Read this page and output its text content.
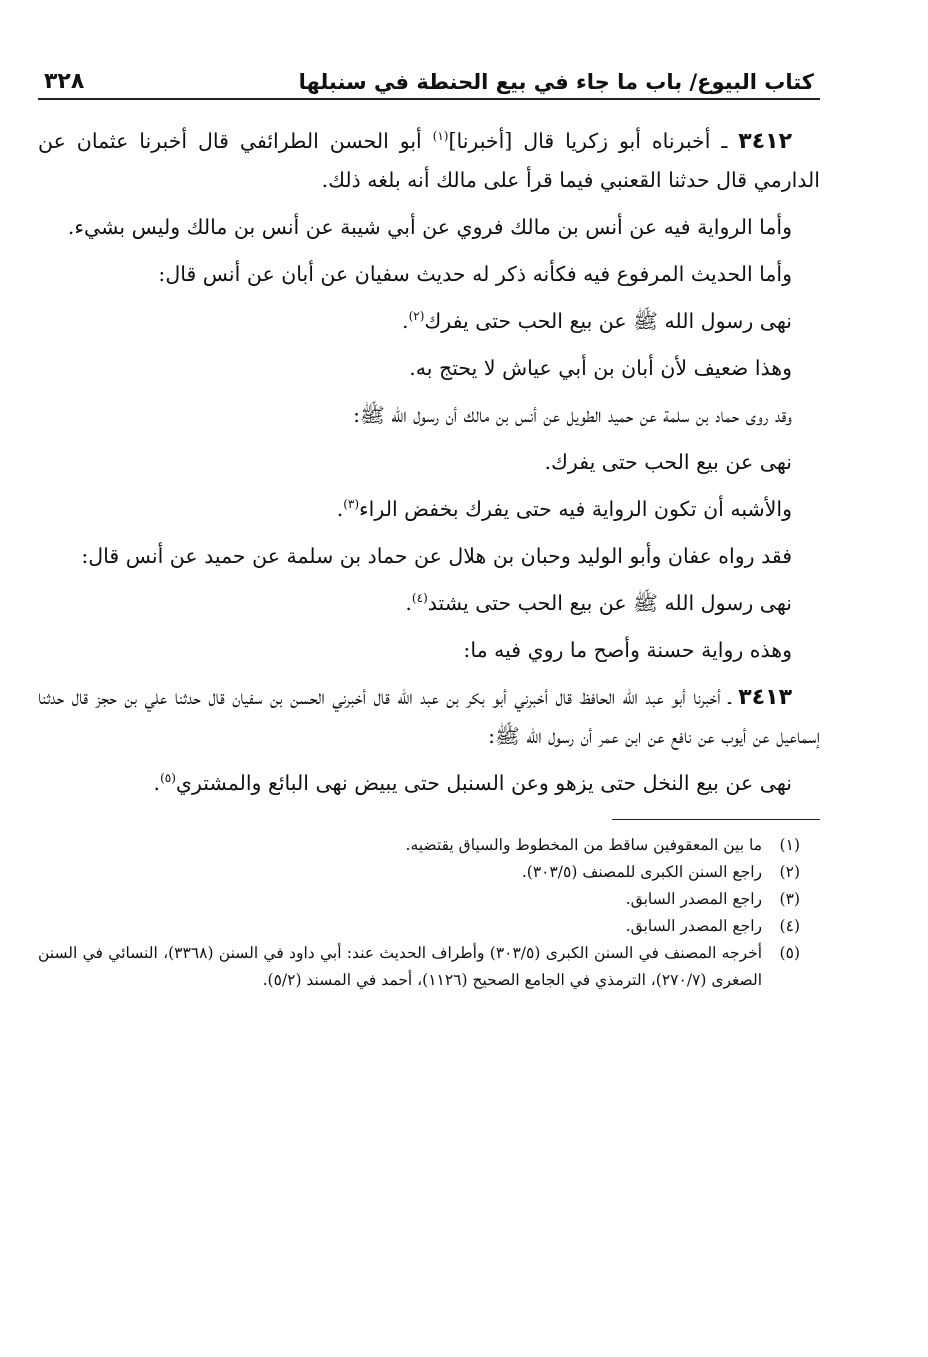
كتاب البيوع/ باب ما جاء في بيع الحنطة في سنبلها
٣٢٨

٣٤١٢ ـ أخبرناه أبو زكريا قال [أخبرنا]$^{(١)}$ أبو الحسن الطرائفي قال أخبرنا عثمان عن الدارمي قال حدثنا القعنبي فيما قرأ على مالك أنه بلغه ذلك.

وأما الرواية فيه عن أنس بن مالك فروي عن أبي شيبة عن أنس بن مالك وليس بشيء.

وأما الحديث المرفوع فيه فكأنه ذكر له حديث سفيان عن أبان عن أنس قال:

نهى رسول الله ﷺ عن بيع الحب حتى يفرك$^{(٢)}$.

وهذا ضعيف لأن أبان بن أبي عياش لا يحتج به.

وقد روى حماد بن سلمة عن حميد الطويل عن أنس بن مالك أن رسول الله ﷺ:

نهى عن بيع الحب حتى يفرك.

والأشبه أن تكون الرواية فيه حتى يفرك بخفض الراء$^{(٣)}$.

فقد رواه عفان وأبو الوليد وحبان بن هلال عن حماد بن سلمة عن حميد عن أنس قال:

نهى رسول الله ﷺ عن بيع الحب حتى يشتد$^{(٤)}$.

وهذه رواية حسنة وأصح ما روي فيه ما:

٣٤١٣ ـ أخبرنا أبو عبد الله الحافظ قال أخبرني أبو بكر بن عبد الله قال أخبرني الحسن بن سفيان قال حدثنا علي بن حجز قال حدثنا إسماعيل عن أيوب عن نافع عن ابن عمر أن رسول الله ﷺ:

نهى عن بيع النخل حتى يزهو وعن السنبل حتى يبيض نهى البائع والمشتري$^{(٥)}$.

(١)
ما بين المعقوفين ساقط من المخطوط والسياق يقتضيه.
(٢)
راجع السنن الكبرى للمصنف (٣٠٣/٥).
(٣)
راجع المصدر السابق.
(٤)
راجع المصدر السابق.
(٥)
أخرجه المصنف في السنن الكبرى (٣٠٣/٥) وأطراف الحديث عند: أبي داود في السنن (٣٣٦٨)، النسائي في السنن الصغرى (٢٧٠/٧)، الترمذي في الجامع الصحيح (١١٢٦)، أحمد في المسند (٥/٢).
